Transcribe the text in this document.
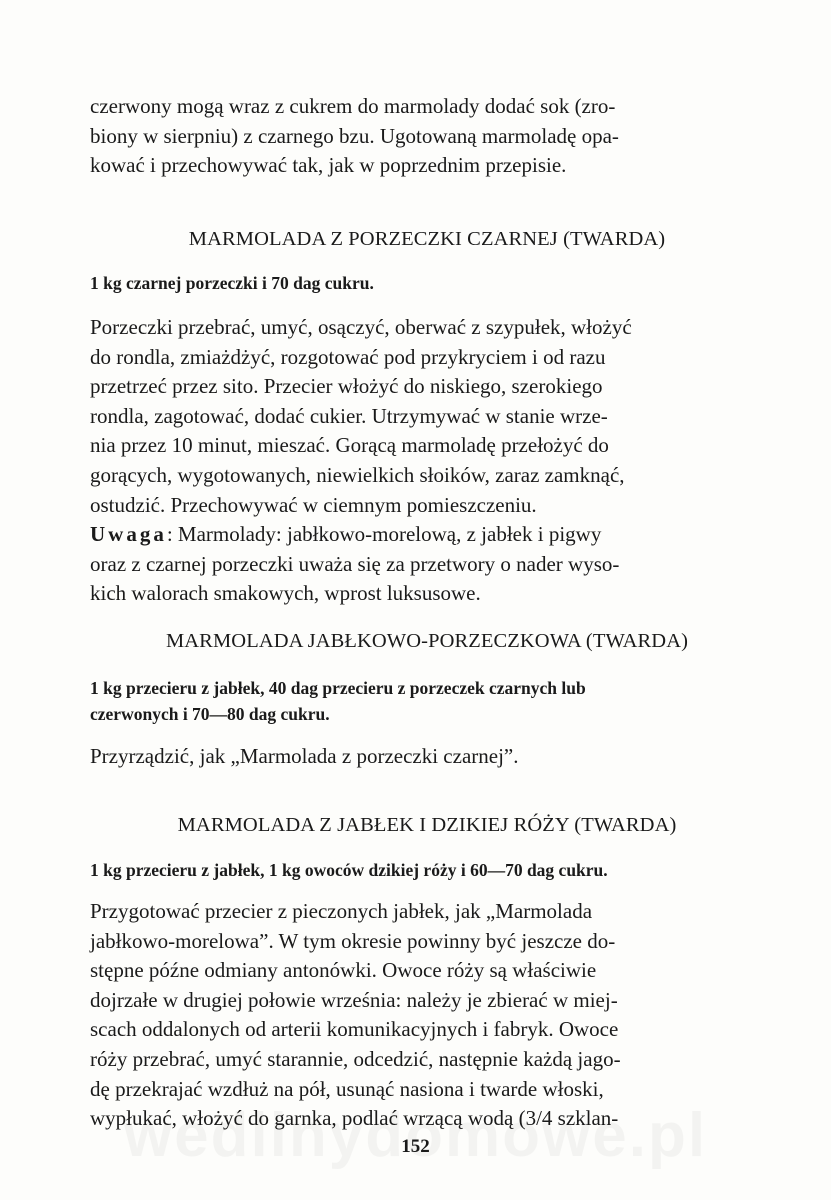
czerwony mogą wraz z cukrem do marmolady dodać sok (zro-

biony w sierpniu) z czarnego bzu. Ugotowaną marmoladę opa-

kować i przechowywać tak, jak w poprzednim przepisie.

MARMOLADA Z PORZECZKI CZARNEJ (TWARDA)

1 kg czarnej porzeczki i 70 dag cukru.

Porzeczki przebrać, umyć, osączyć, oberwać z szypułek, włożyć

do rondla, zmiażdżyć, rozgotować pod przykryciem i od razu

przetrzeć przez sito. Przecier włożyć do niskiego, szerokiego

rondla, zagotować, dodać cukier. Utrzymywać w stanie wrze-

nia przez 10 minut, mieszać. Gorącą marmoladę przełożyć do

gorących, wygotowanych, niewielkich słoików, zaraz zamknąć,

ostudzić. Przechowywać w ciemnym pomieszczeniu.

Uwaga: Marmolady: jabłkowo-morelową, z jabłek i pigwy

oraz z czarnej porzeczki uważa się za przetwory o nader wyso-

kich walorach smakowych, wprost luksusowe.

MARMOLADA JABŁKOWO-PORZECZKOWA (TWARDA)

1 kg przecieru z jabłek, 40 dag przecieru z porzeczek czarnych lub

czerwonych i 70—80 dag cukru.

Przyrządzić, jak „Marmolada z porzeczki czarnej”.

MARMOLADA Z JABŁEK I DZIKIEJ RÓŻY (TWARDA)

1 kg przecieru z jabłek, 1 kg owoców dzikiej róży i 60—70 dag cukru.

Przygotować przecier z pieczonych jabłek, jak „Marmolada

jabłkowo-morelowa”. W tym okresie powinny być jeszcze do-

stępne późne odmiany antonówki. Owoce róży są właściwie

dojrzałe w drugiej połowie września: należy je zbierać w miej-

scach oddalonych od arterii komunikacyjnych i fabryk. Owoce

róży przebrać, umyć starannie, odcedzić, następnie każdą jago-

dę przekrajać wzdłuż na pół, usunąć nasiona i twarde włoski,

wypłukać, włożyć do garnka, podlać wrzącą wodą (3/4 szklan-

152
